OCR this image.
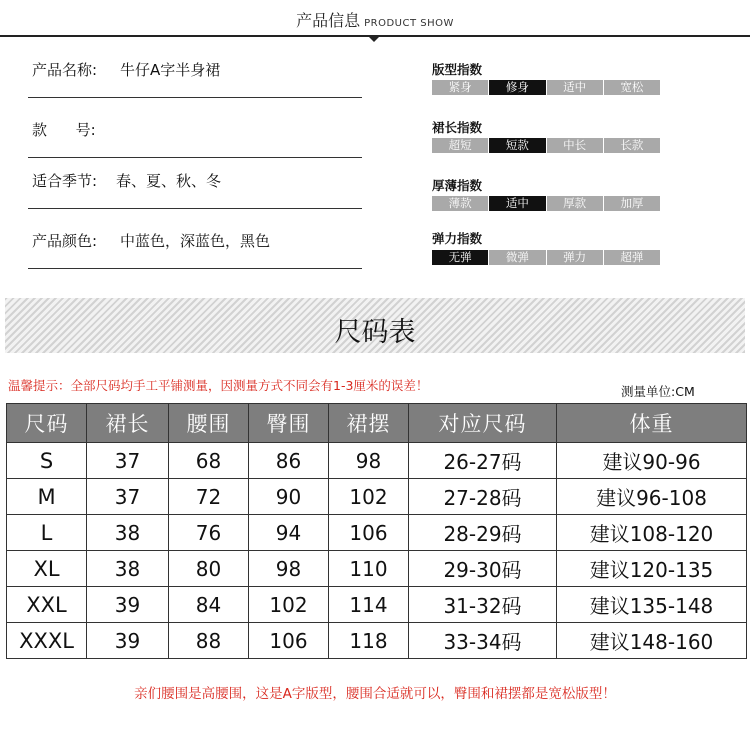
产品信息 PRODUCT SHOW
产品名称: 牛仔A字半身裙
款      号:
适合季节: 春、夏、秋、冬
产品颜色: 中蓝色，深蓝色，黑色
版型指数
紧身	修身	适中	宽松
裙长指数
超短	短款	中长	长款
厚薄指数
薄款	适中	厚款	加厚
弹力指数
无弹	微弹	弹力	超弹
尺码表
温馨提示：全部尺码均手工平铺测量，因测量方式不同会有1-3厘米的误差！	测量单位:CM
尺码	裙长	腰围	臀围	裙摆	对应尺码	体重
S	37	68	86	98	26-27码	建议90-96
M	37	72	90	102	27-28码	建议96-108
L	38	76	94	106	28-29码	建议108-120
XL	38	80	98	110	29-30码	建议120-135
XXL	39	84	102	114	31-32码	建议135-148
XXXL	39	88	106	118	33-34码	建议148-160
亲们腰围是高腰围，这是A字版型，腰围合适就可以，臀围和裙摆都是宽松版型！
